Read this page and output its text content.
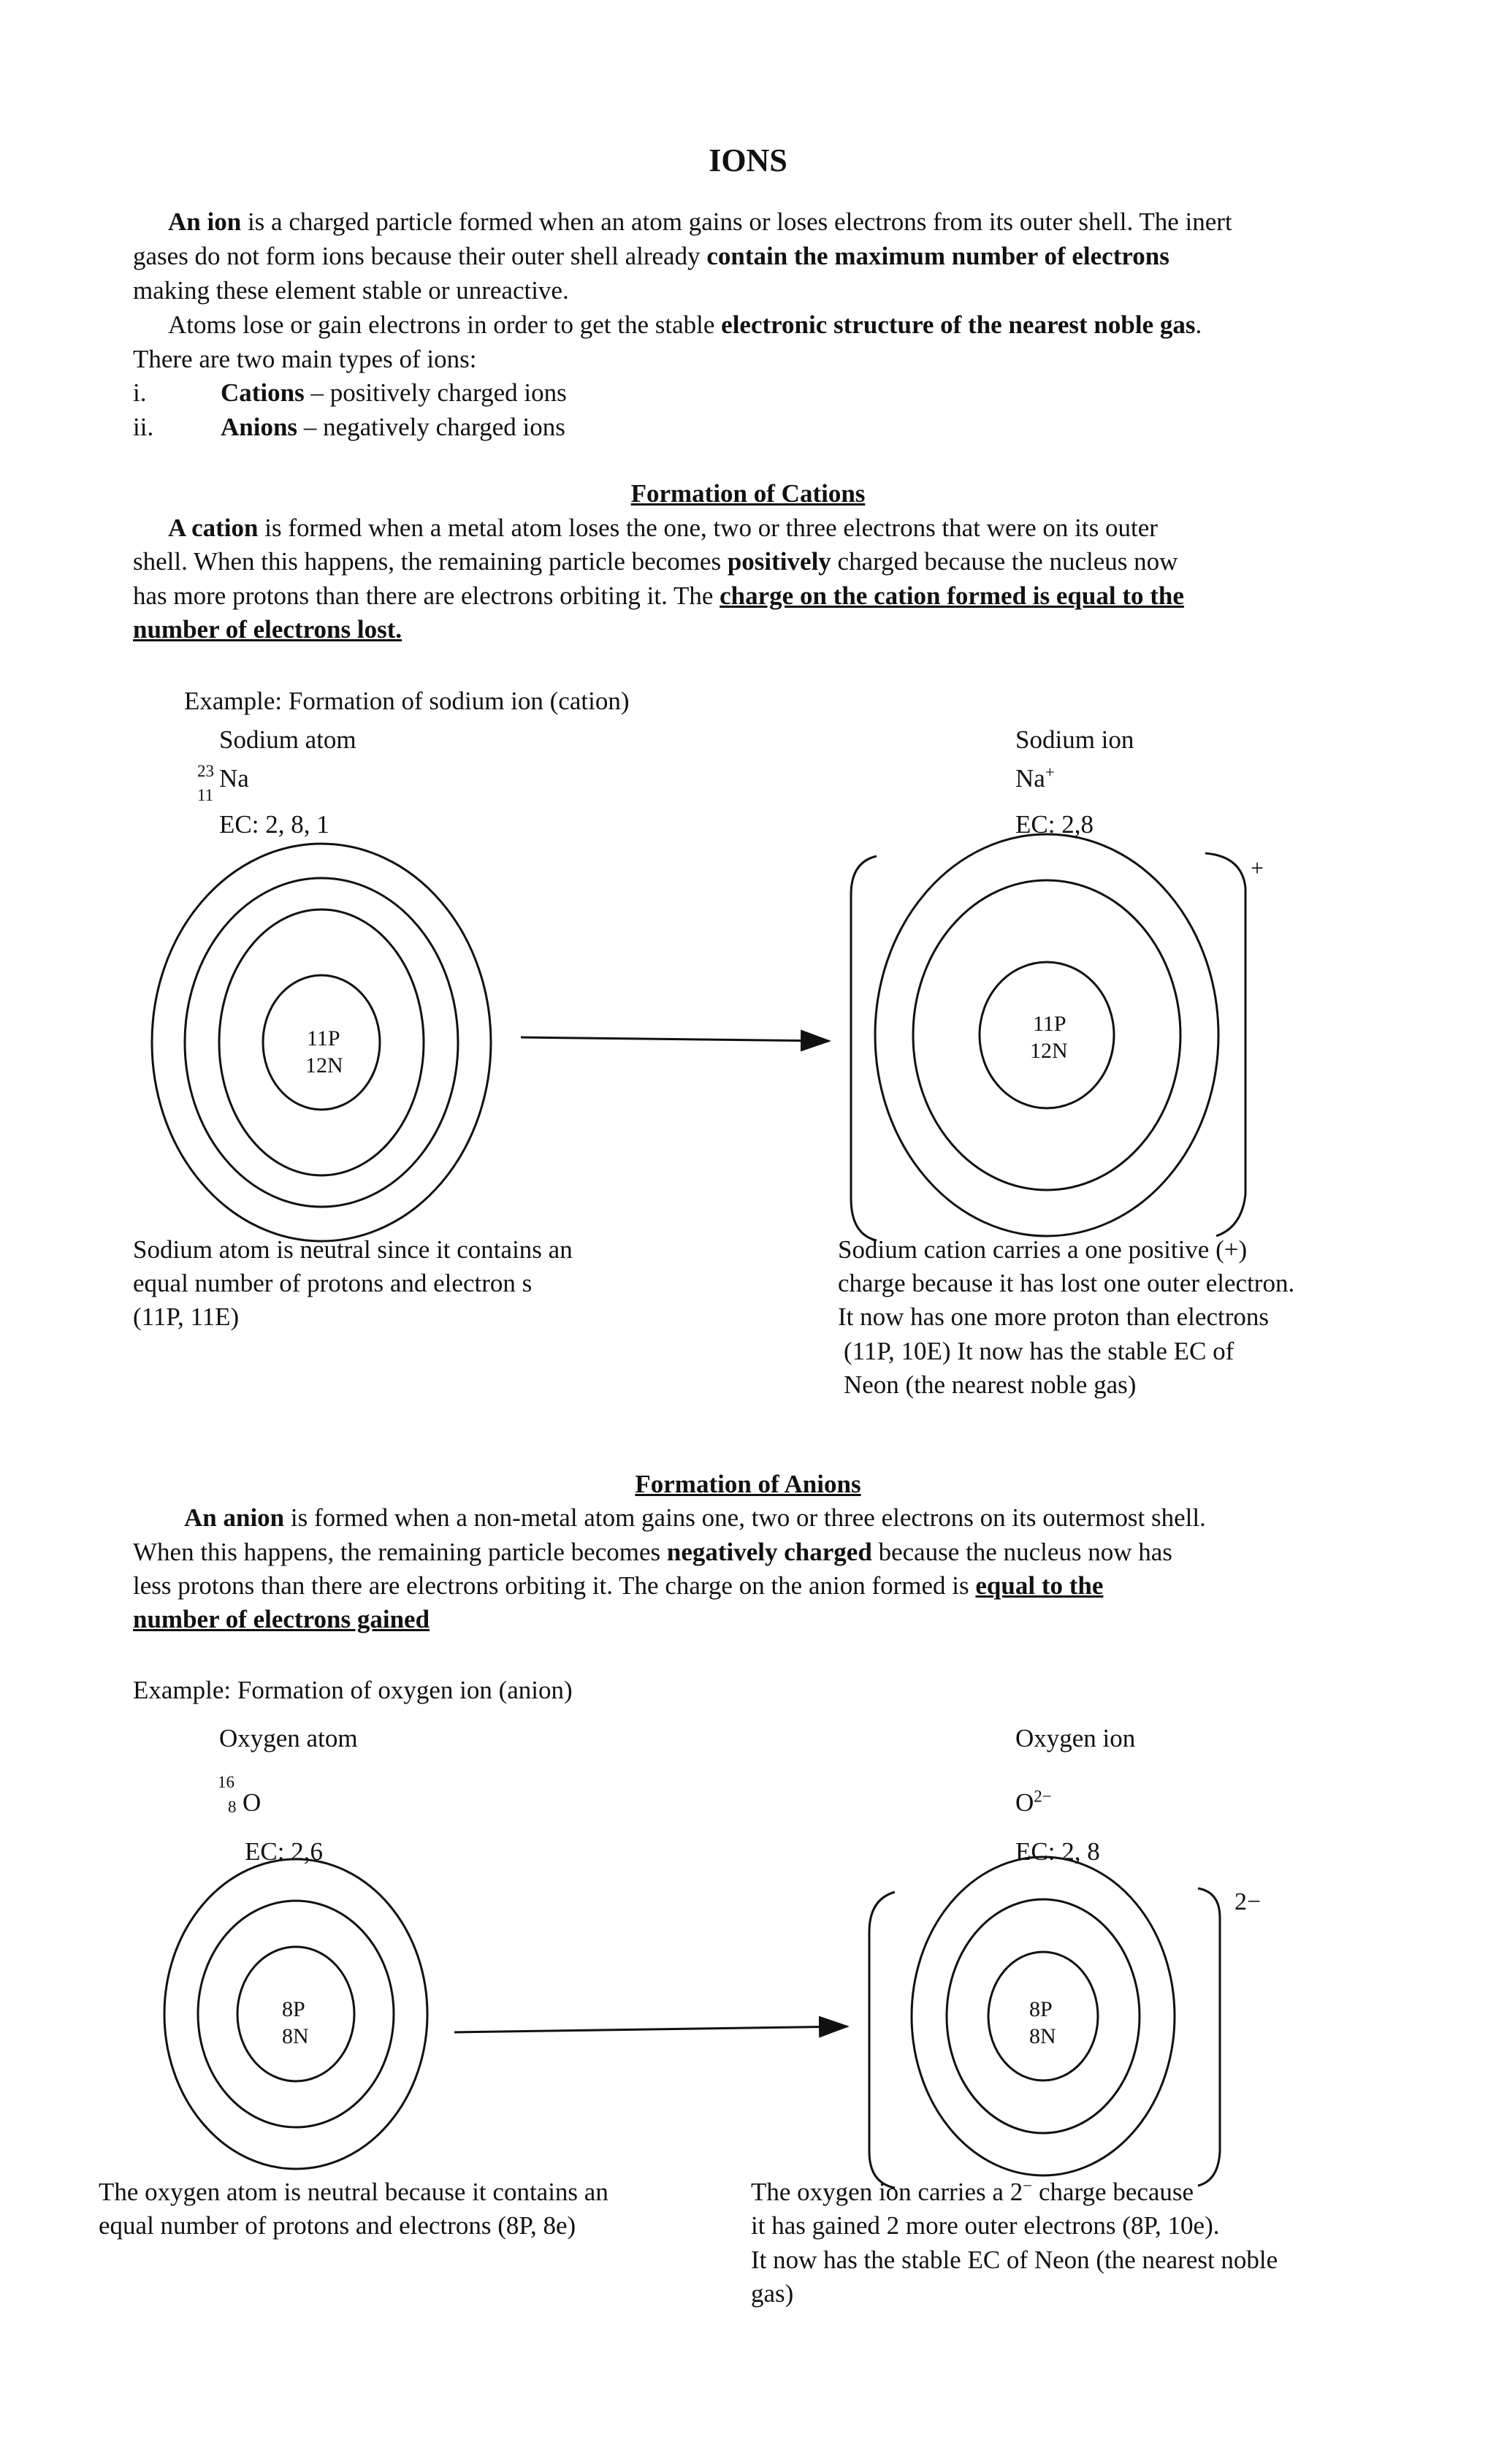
IONS
An ion is a charged particle formed when an atom gains or loses electrons from its outer shell. The inert
gases do not form ions because their outer shell already contain the maximum number of electrons
making these element stable or unreactive.
Atoms lose or gain electrons in order to get the stable electronic structure of the nearest noble gas.
There are two main types of ions:
i.	Cations – positively charged ions
ii.	Anions – negatively charged ions
Formation of Cations
A cation is formed when a metal atom loses the one, two or three electrons that were on its outer
shell. When this happens, the remaining particle becomes positively charged because the nucleus now
has more protons than there are electrons orbiting it. The charge on the cation formed is equal to the
number of electrons lost.
Example: Formation of sodium ion (cation)
Sodium atom	Sodium ion
23
11
Na	Na+
EC: 2, 8, 1	EC: 2,8
11P
12N
11P
12N
+
Sodium atom is neutral since it contains an
equal number of protons and electron s
(11P, 11E)
Sodium cation carries a one positive (+)
charge because it has lost one outer electron.
It now has one more proton than electrons
(11P, 10E) It now has the stable EC of
Neon (the nearest noble gas)
Formation of Anions
An anion is formed when a non-metal atom gains one, two or three electrons on its outermost shell.
When this happens, the remaining particle becomes negatively charged because the nucleus now has
less protons than there are electrons orbiting it. The charge on the anion formed is equal to the
number of electrons gained
Example: Formation of oxygen ion (anion)
Oxygen atom	Oxygen ion
16
8 O	$O^{2-}$
EC: 2,6	EC: 2, 8
8P
8N
8P
8N
2−
The oxygen atom is neutral because it contains an
equal number of protons and electrons (8P, 8e)
The oxygen ion carries a 2− charge because
it has gained 2 more outer electrons (8P, 10e).
It now has the stable EC of Neon (the nearest noble
gas)
